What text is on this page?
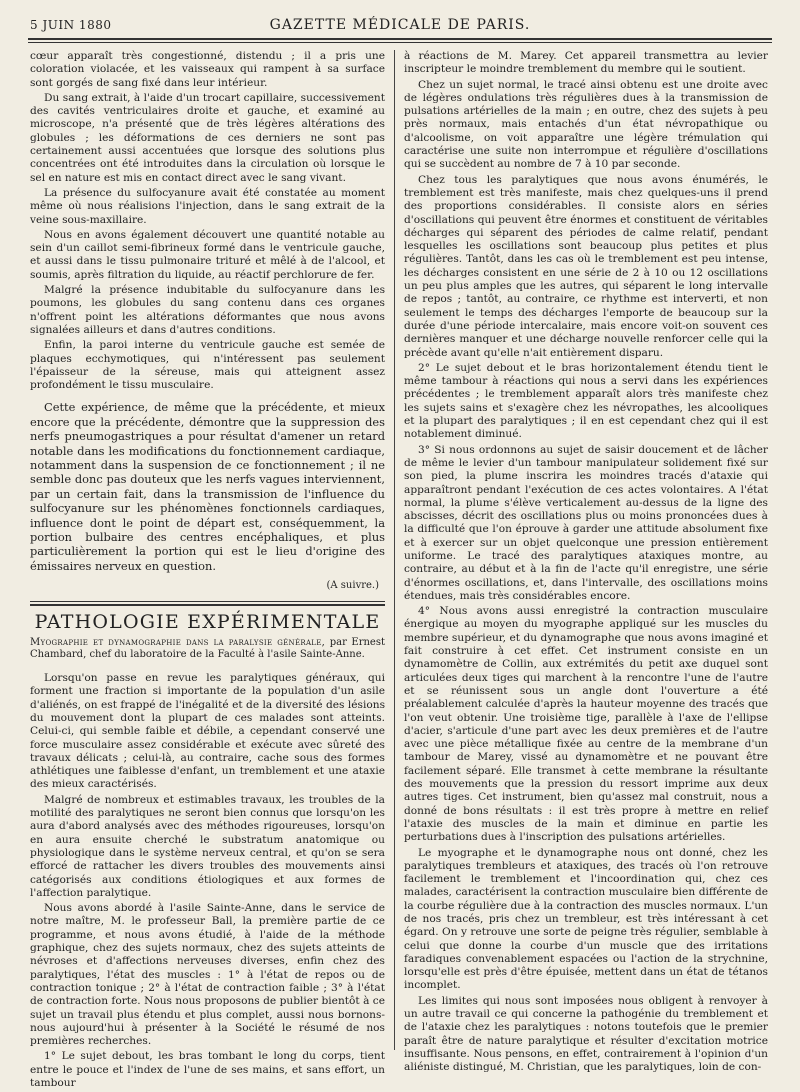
5 JUIN 1880	GAZETTE MÉDICALE DE PARIS.

cœur apparaît très congestionné, distendu ; il a pris une coloration violacée, et les vaisseaux qui rampent à sa surface sont gorgés de sang fixé dans leur intérieur.

Du sang extrait, à l'aide d'un trocart capillaire, successivement des cavités ventriculaires droite et gauche, et examiné au microscope, n'a présenté que de très légères altérations des globules ; les déformations de ces derniers ne sont pas certainement aussi accentuées que lorsque des solutions plus concentrées ont été introduites dans la circulation où lorsque le sel en nature est mis en contact direct avec le sang vivant.

La présence du sulfocyanure avait été constatée au moment même où nous réalisions l'injection, dans le sang extrait de la veine sous-maxillaire.

Nous en avons également découvert une quantité notable au sein d'un caillot semi-fibrineux formé dans le ventricule gauche, et aussi dans le tissu pulmonaire trituré et mêlé à de l'alcool, et soumis, après filtration du liquide, au réactif perchlorure de fer.

Malgré la présence indubitable du sulfocyanure dans les poumons, les globules du sang contenu dans ces organes n'offrent point les altérations déformantes que nous avons signalées ailleurs et dans d'autres conditions.

Enfin, la paroi interne du ventricule gauche est semée de plaques ecchymotiques, qui n'intéressent pas seulement l'épaisseur de la séreuse, mais qui atteignent assez profondément le tissu musculaire.

Cette expérience, de même que la précédente, et mieux encore que la précédente, démontre que la suppression des nerfs pneumogastriques a pour résultat d'amener un retard notable dans les modifications du fonctionnement cardiaque, notamment dans la suspension de ce fonctionnement ; il ne semble donc pas douteux que les nerfs vagues interviennent, par un certain fait, dans la transmission de l'influence du sulfocyanure sur les phénomènes fonctionnels cardiaques, influence dont le point de départ est, conséquemment, la portion bulbaire des centres encéphaliques, et plus particulièrement la portion qui est le lieu d'origine des émissaires nerveux en question.

(A suivre.)

PATHOLOGIE EXPÉRIMENTALE

Myographie et dynamographie dans la paralysie générale, par Ernest Chambard, chef du laboratoire de la Faculté à l'asile Sainte-Anne.

Lorsqu'on passe en revue les paralytiques généraux, qui forment une fraction si importante de la population d'un asile d'aliénés, on est frappé de l'inégalité et de la diversité des lésions du mouvement dont la plupart de ces malades sont atteints. Celui-ci, qui semble faible et débile, a cependant conservé une force musculaire assez considérable et exécute avec sûreté des travaux délicats ; celui-là, au contraire, cache sous des formes athlétiques une faiblesse d'enfant, un tremblement et une ataxie des mieux caractérisés.

Malgré de nombreux et estimables travaux, les troubles de la motilité des paralytiques ne seront bien connus que lorsqu'on les aura d'abord analysés avec des méthodes rigoureuses, lorsqu'on en aura ensuite cherché le substratum anatomique ou physiologique dans le système nerveux central, et qu'on se sera efforcé de rattacher les divers troubles des mouvements ainsi catégorisés aux conditions étiologiques et aux formes de l'affection paralytique.

Nous avons abordé à l'asile Sainte-Anne, dans le service de notre maître, M. le professeur Ball, la première partie de ce programme, et nous avons étudié, à l'aide de la méthode graphique, chez des sujets normaux, chez des sujets atteints de névroses et d'affections nerveuses diverses, enfin chez des paralytiques, l'état des muscles : 1° à l'état de repos ou de contraction tonique ; 2° à l'état de contraction faible ; 3° à l'état de contraction forte. Nous nous proposons de publier bientôt à ce sujet un travail plus étendu et plus complet, aussi nous bornons-nous aujourd'hui à présenter à la Société le résumé de nos premières recherches.

1° Le sujet debout, les bras tombant le long du corps, tient entre le pouce et l'index de l'une de ses mains, et sans effort, un tambour

à réactions de M. Marey. Cet appareil transmettra au levier inscripteur le moindre tremblement du membre qui le soutient.

Chez un sujet normal, le tracé ainsi obtenu est une droite avec de légères ondulations très régulières dues à la transmission de pulsations artérielles de la main ; en outre, chez des sujets à peu près normaux, mais entachés d'un état névropathique ou d'alcoolisme, on voit apparaître une légère trémulation qui caractérise une suite non interrompue et régulière d'oscillations qui se succèdent au nombre de 7 à 10 par seconde.

Chez tous les paralytiques que nous avons énumérés, le tremblement est très manifeste, mais chez quelques-uns il prend des proportions considérables. Il consiste alors en séries d'oscillations qui peuvent être énormes et constituent de véritables décharges qui séparent des périodes de calme relatif, pendant lesquelles les oscillations sont beaucoup plus petites et plus régulières. Tantôt, dans les cas où le tremblement est peu intense, les décharges consistent en une série de 2 à 10 ou 12 oscillations un peu plus amples que les autres, qui séparent le long intervalle de repos ; tantôt, au contraire, ce rhythme est interverti, et non seulement le temps des décharges l'emporte de beaucoup sur la durée d'une période intercalaire, mais encore voit-on souvent ces dernières manquer et une décharge nouvelle renforcer celle qui la précède avant qu'elle n'ait entièrement disparu.

2° Le sujet debout et le bras horizontalement étendu tient le même tambour à réactions qui nous a servi dans les expériences précédentes ; le tremblement apparaît alors très manifeste chez les sujets sains et s'exagère chez les névropathes, les alcooliques et la plupart des paralytiques ; il en est cependant chez qui il est notablement diminué.

3° Si nous ordonnons au sujet de saisir doucement et de lâcher de même le levier d'un tambour manipulateur solidement fixé sur son pied, la plume inscrira les moindres tracés d'ataxie qui apparaîtront pendant l'exécution de ces actes volontaires. A l'état normal, la plume s'élève verticalement au-dessus de la ligne des abscisses, décrit des oscillations plus ou moins prononcées dues à la difficulté que l'on éprouve à garder une attitude absolument fixe et à exercer sur un objet quelconque une pression entièrement uniforme. Le tracé des paralytiques ataxiques montre, au contraire, au début et à la fin de l'acte qu'il enregistre, une série d'énormes oscillations, et, dans l'intervalle, des oscillations moins étendues, mais très considérables encore.

4° Nous avons aussi enregistré la contraction musculaire énergique au moyen du myographe appliqué sur les muscles du membre supérieur, et du dynamographe que nous avons imaginé et fait construire à cet effet. Cet instrument consiste en un dynamomètre de Collin, aux extrémités du petit axe duquel sont articulées deux tiges qui marchent à la rencontre l'une de l'autre et se réunissent sous un angle dont l'ouverture a été préalablement calculée d'après la hauteur moyenne des tracés que l'on veut obtenir. Une troisième tige, parallèle à l'axe de l'ellipse d'acier, s'articule d'une part avec les deux premières et de l'autre avec une pièce métallique fixée au centre de la membrane d'un tambour de Marey, vissé au dynamomètre et ne pouvant être facilement séparé. Elle transmet à cette membrane la résultante des mouvements que la pression du ressort imprime aux deux autres tiges. Cet instrument, bien qu'assez mal construit, nous a donné de bons résultats : il est très propre à mettre en relief l'ataxie des muscles de la main et diminue en partie les perturbations dues à l'inscription des pulsations artérielles.

Le myographe et le dynamographe nous ont donné, chez les paralytiques trembleurs et ataxiques, des tracés où l'on retrouve facilement le tremblement et l'incoordination qui, chez ces malades, caractérisent la contraction musculaire bien différente de la courbe régulière due à la contraction des muscles normaux. L'un de nos tracés, pris chez un trembleur, est très intéressant à cet égard. On y retrouve une sorte de peigne très régulier, semblable à celui que donne la courbe d'un muscle que des irritations faradiques convenablement espacées ou l'action de la strychnine, lorsqu'elle est près d'être épuisée, mettent dans un état de tétanos incomplet.

Les limites qui nous sont imposées nous obligent à renvoyer à un autre travail ce qui concerne la pathogénie du tremblement et de l'ataxie chez les paralytiques : notons toutefois que le premier paraît être de nature paralytique et résulter d'excitation motrice insuffisante. Nous pensons, en effet, contrairement à l'opinion d'un aliéniste distingué, M. Christian, que les paralytiques, loin de con-
